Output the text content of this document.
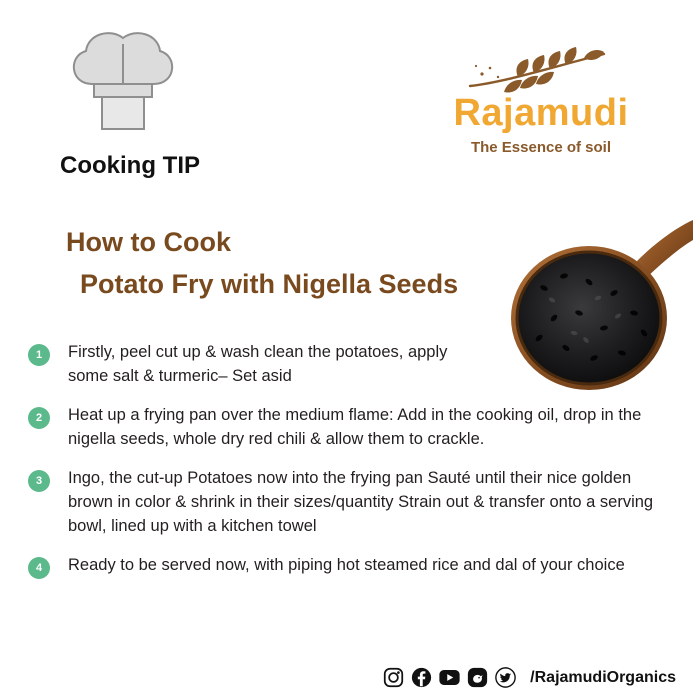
Rajamudi
The Essence of soil
Cooking TIP
How to Cook
Potato Fry with Nigella Seeds
1	Firstly, peel cut up & wash clean the potatoes, apply some salt & turmeric– Set asid
2	Heat up a frying pan over the medium flame: Add in the cooking oil, drop in the nigella seeds, whole dry red chili & allow them to crackle.
3	Ingo, the cut-up Potatoes now into the frying pan Sauté until their nice golden brown in color & shrink in their sizes/quantity Strain out & transfer onto a serving bowl, lined up with a kitchen towel
4	Ready to be served now, with piping hot steamed rice and dal of your choice
/RajamudiOrganics
